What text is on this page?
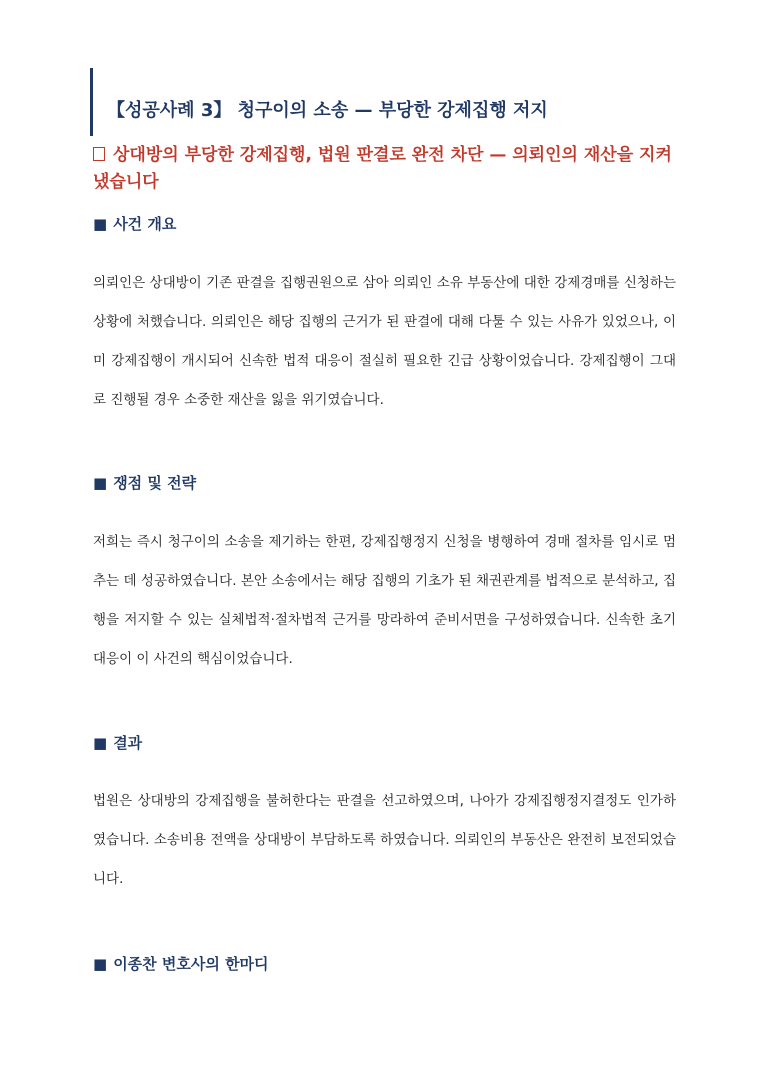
【성공사례 3】 청구이의 소송 — 부당한 강제집행 저지
상대방의 부당한 강제집행, 법원 판결로 완전 차단 — 의뢰인의 재산을 지켜냈습니다
■ 사건 개요
의뢰인은 상대방이 기존 판결을 집행권원으로 삼아 의뢰인 소유 부동산에 대한 강제경매를 신청하는 상황에 처했습니다. 의뢰인은 해당 집행의 근거가 된 판결에 대해 다툴 수 있는 사유가 있었으나, 이미 강제집행이 개시되어 신속한 법적 대응이 절실히 필요한 긴급 상황이었습니다. 강제집행이 그대로 진행될 경우 소중한 재산을 잃을 위기였습니다.
■ 쟁점 및 전략
저희는 즉시 청구이의 소송을 제기하는 한편, 강제집행정지 신청을 병행하여 경매 절차를 임시로 멈추는 데 성공하였습니다. 본안 소송에서는 해당 집행의 기초가 된 채권관계를 법적으로 분석하고, 집행을 저지할 수 있는 실체법적·절차법적 근거를 망라하여 준비서면을 구성하였습니다. 신속한 초기 대응이 이 사건의 핵심이었습니다.
■ 결과
법원은 상대방의 강제집행을 불허한다는 판결을 선고하였으며, 나아가 강제집행정지결정도 인가하였습니다. 소송비용 전액을 상대방이 부담하도록 하였습니다. 의뢰인의 부동산은 완전히 보전되었습니다.
■ 이종찬 변호사의 한마디
